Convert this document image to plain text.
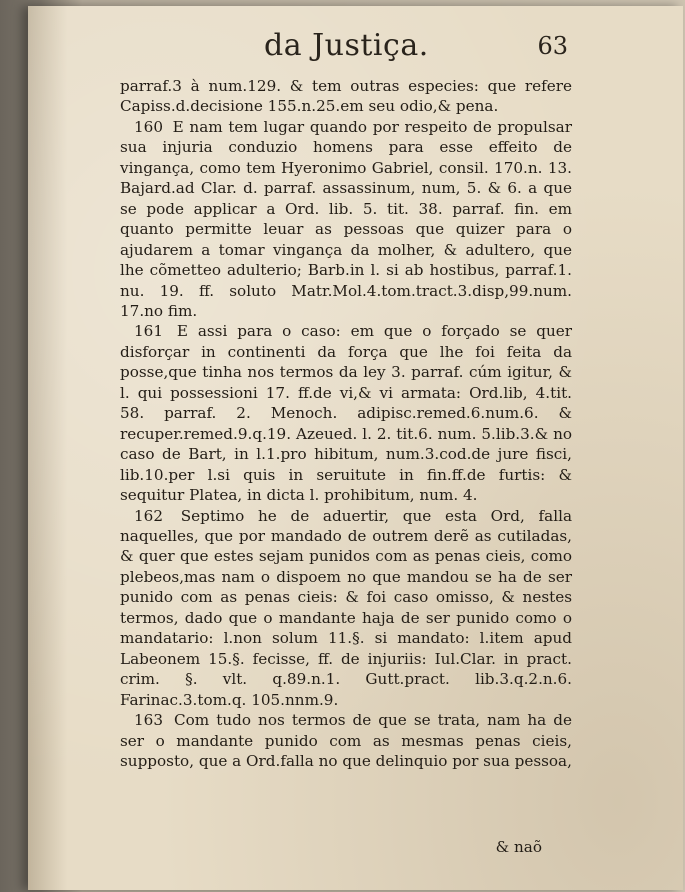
da Justiça.	63

parraf.3 à num.129. & tem outras especies: que refere Capiss.d.decisione 155.n.25.em seu odio,& pena.

160 E nam tem lugar quando por respeito de propulsar sua injuria conduzio homens para esse effeito de vingança, como tem Hyeronimo Gabriel, consil. 170.n. 13. Bajard.ad Clar. d. parraf. assassinum, num, 5. & 6. a que se pode applicar a Ord. lib. 5. tit. 38. parraf. fin. em quanto permitte leuar as pessoas que quizer para o ajudarem a tomar vingança da molher, & adultero, que lhe cõmetteo adulterio; Barb.in l. si ab hostibus, parraf.1. nu. 19. ff. soluto Matr.Mol.4.tom.tract.3.disp,99.num. 17.no fim.

161 E assi para o caso: em que o forçado se quer disforçar in continenti da força que lhe foi feita da posse,que tinha nos termos da ley 3. parraf. cúm igitur, & l. qui possessioni 17. ff.de vi,& vi armata: Ord.lib, 4.tit. 58. parraf. 2. Menoch. adipisc.remed.6.num.6. & recuper.remed.9.q.19. Azeued. l. 2. tit.6. num. 5.lib.3.& no caso de Bart, in l.1.pro hibitum, num.3.cod.de jure fisci, lib.10.per l.si quis in seruitute in fin.ff.de furtis: & sequitur Platea, in dicta l. prohibitum, num. 4.

162 Septimo he de aduertir, que esta Ord, falla naquelles, que por mandado de outrem derẽ as cutiladas, & quer que estes sejam punidos com as penas cieis, como plebeos,mas nam o dispoem no que mandou se ha de ser punido com as penas cieis: & foi caso omisso, & nestes termos, dado que o mandante haja de ser punido como o mandatario: l.non solum 11.§. si mandato: l.item apud Labeonem 15.§. fecisse, ff. de injuriis: Iul.Clar. in pract. crim. §. vlt. q.89.n.1. Gutt.pract. lib.3.q.2.n.6. Farinac.3.tom.q. 105.nnm.9.

163 Com tudo nos termos de que se trata, nam ha de ser o mandante punido com as mesmas penas cieis, supposto, que a Ord.falla no que delinquio por sua pessoa,

& naõ
